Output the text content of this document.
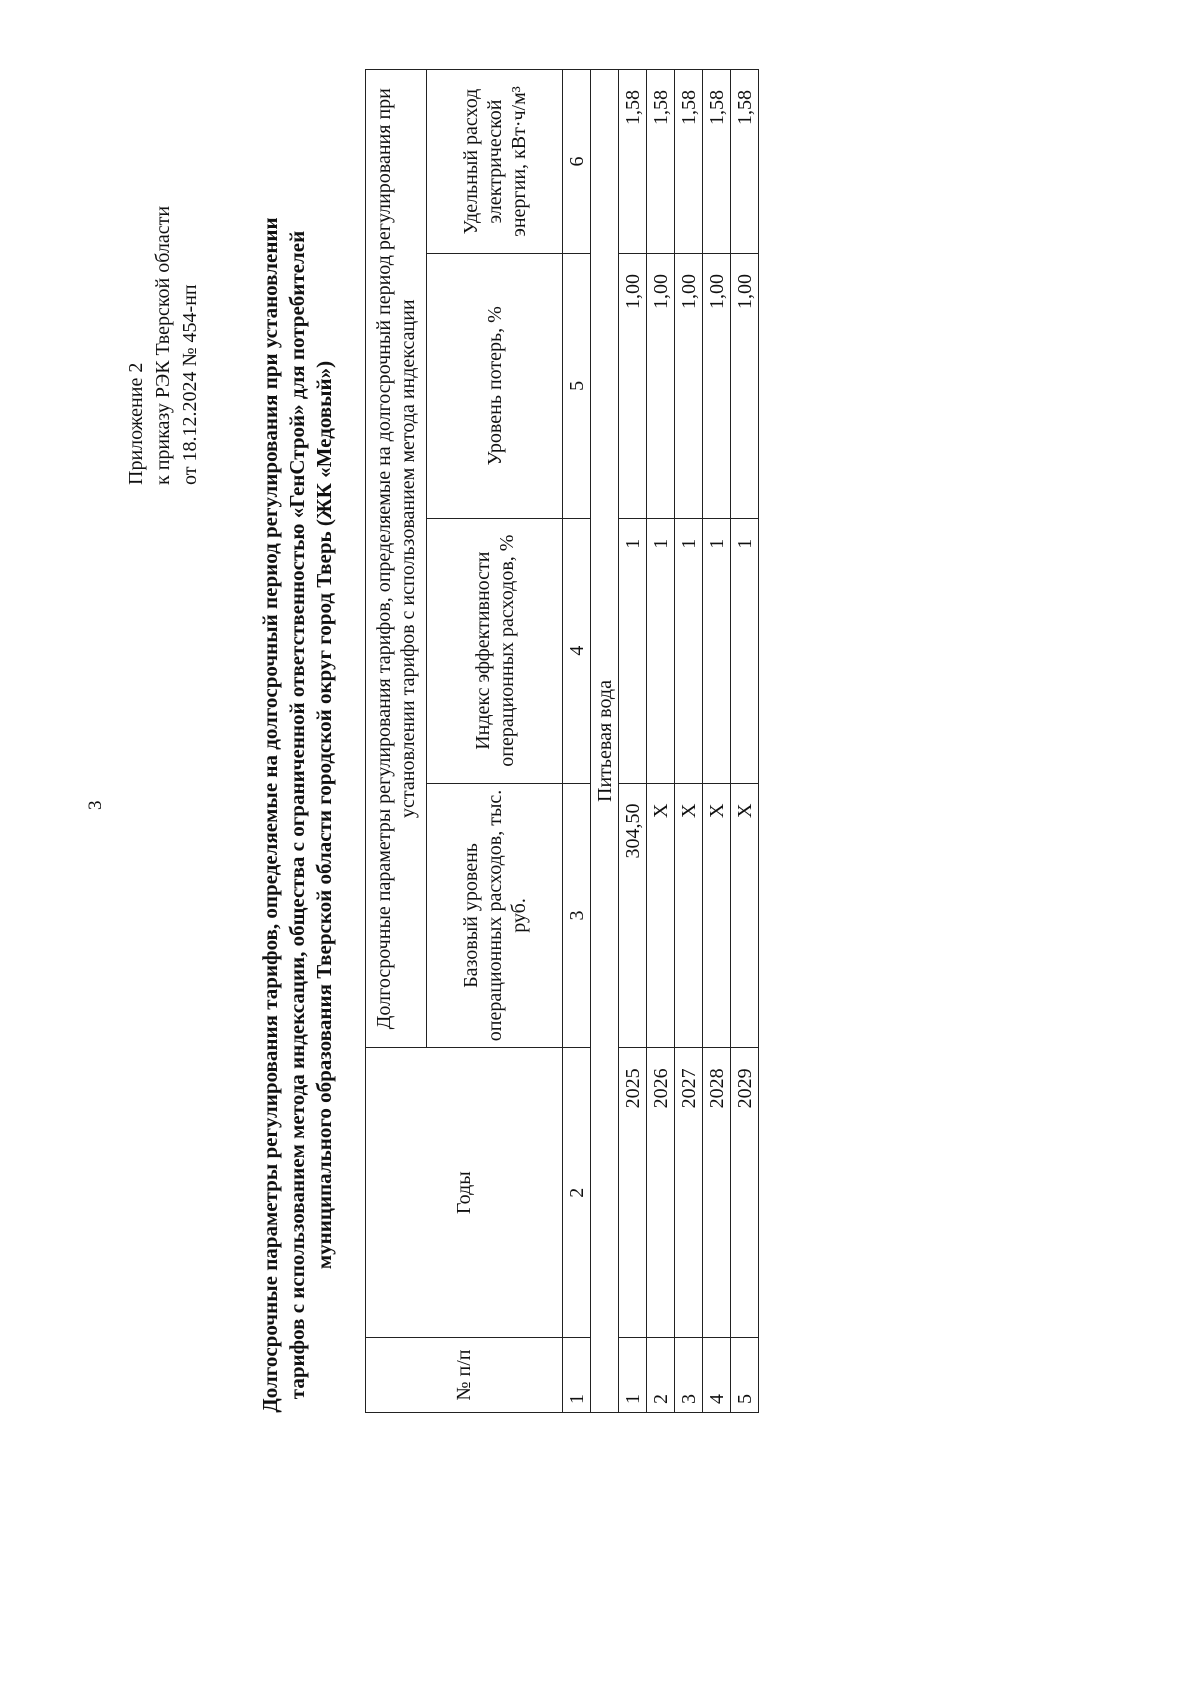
3
Приложение 2 к приказу РЭК Тверской области от 18.12.2024 № 454-нп	Долгосрочные параметры регулирования тарифов, определяемые на долгосрочный период регулирования при установлении тарифов с использованием метода индексации, общества с ограниченной ответственностью «ГенСтрой» для потребителей муниципального образования Тверской области городской округ город Тверь (ЖК «Медовый»)
№ п/п	Годы	Долгосрочные параметры регулирования тарифов, определяемые на долгосрочный период регулирования при установлении тарифов с использованием метода индексации			
		Базовый уровень операционных расходов, тыс. руб.	Индекс эффективности операционных расходов, %	Уровень потерь, %	Удельный расход электрической энергии, кВт·ч/м³
1	2	3	4	5	6
Питьевая вода					
1	2025	304,50	1	1,00	1,58
2	2026	Х	1	1,00	1,58
3	2027	Х	1	1,00	1,58
4	2028	Х	1	1,00	1,58
5	2029	Х	1	1,00	1,58
